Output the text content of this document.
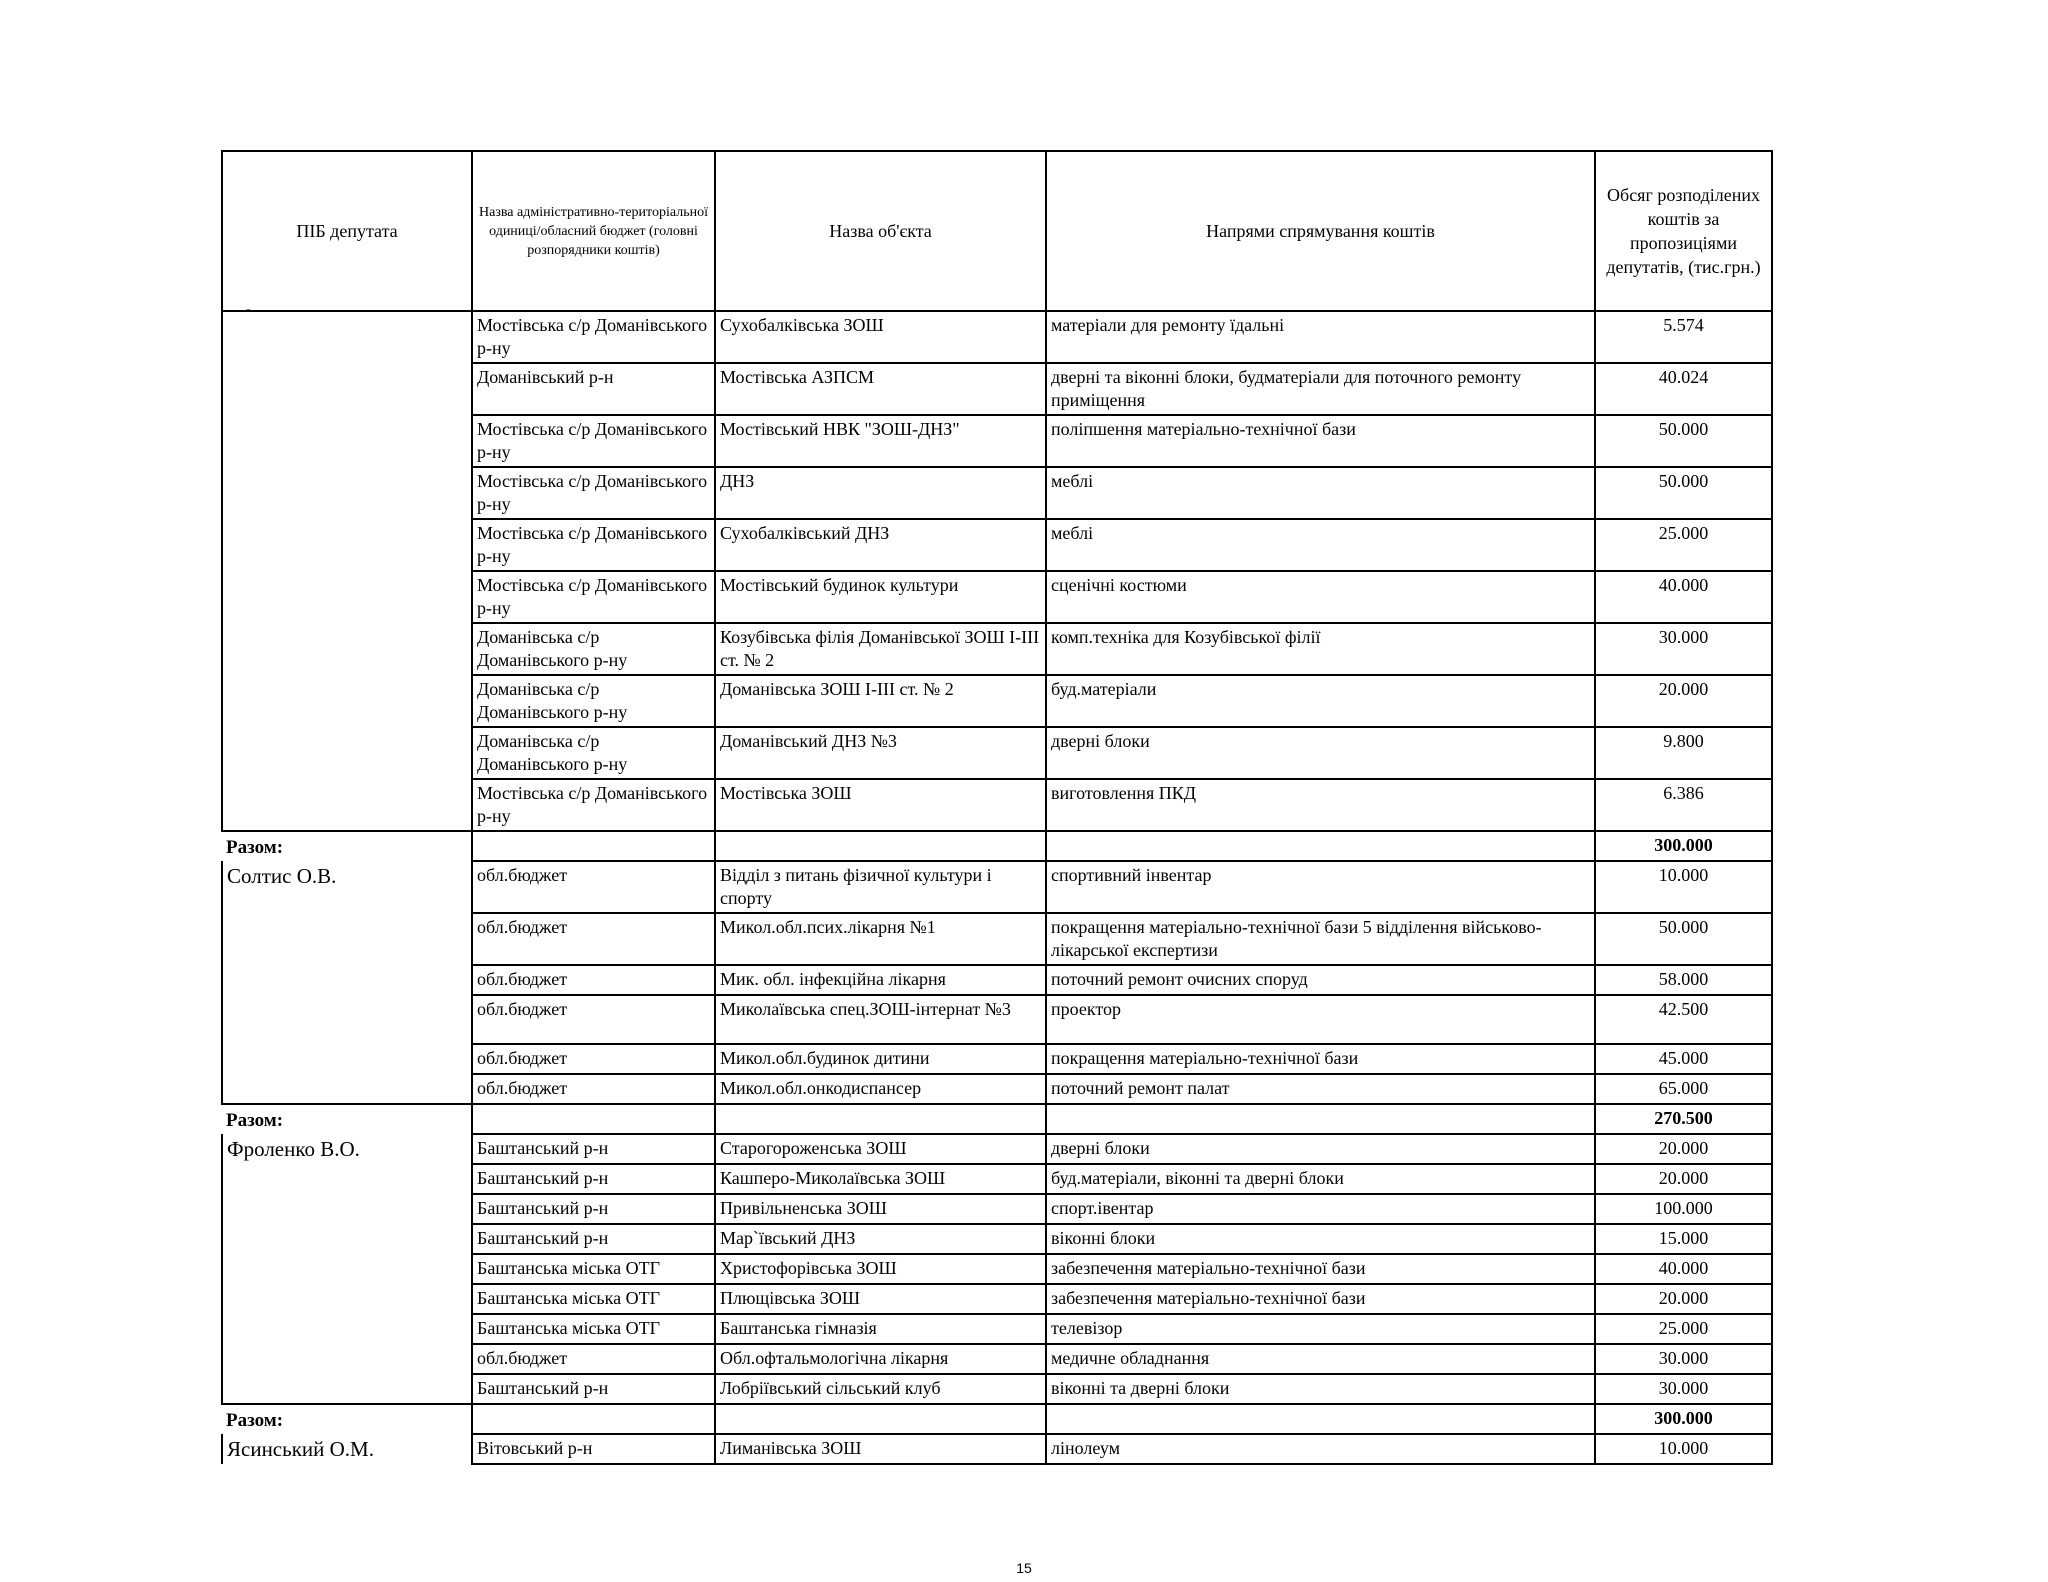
-
ПІБ депутата	Назва адміністративно-територіальної одиниці/обласний бюджет (головні розпорядники коштів)	Назва об'єкта	Напрями спрямування коштів	Обсяг розподілених коштів за пропозиціями депутатів, (тис.грн.)
	Мостівська с/р Доманівського р-ну	Сухобалківська ЗОШ	матеріали для ремонту їдальні	5.574
	Доманівський р-н	Мостівська АЗПСМ	дверні та віконні блоки, будматеріали для поточного ремонту приміщення	40.024
	Мостівська с/р Доманівського р-ну	Мостівський НВК "ЗОШ-ДНЗ"	поліпшення матеріально-технічної бази	50.000
	Мостівська с/р Доманівського р-ну	ДНЗ	меблі	50.000
	Мостівська с/р Доманівського р-ну	Сухобалківський ДНЗ	меблі	25.000
	Мостівська с/р Доманівського р-ну	Мостівський будинок культури	сценічні костюми	40.000
	Доманівська с/р Доманівського р-ну	Козубівська філія Доманівської ЗОШ І-ІІІ ст. № 2	комп.техніка для Козубівської філії	30.000
	Доманівська с/р Доманівського р-ну	Доманівська ЗОШ І-ІІІ ст. № 2	буд.матеріали	20.000
	Доманівська с/р Доманівського р-ну	Доманівський ДНЗ №3	дверні блоки	9.800
	Мостівська с/р Доманівського р-ну	Мостівська ЗОШ	виготовлення ПКД	6.386
Разом:				300.000
Солтис О.В.	обл.бюджет	Відділ з питань фізичної культури і спорту	спортивний інвентар	10.000
	обл.бюджет	Микол.обл.псих.лікарня №1	покращення матеріально-технічної бази 5 відділення військово-лікарської експертизи	50.000
	обл.бюджет	Мик. обл. інфекційна лікарня	поточний ремонт очисних споруд	58.000
	обл.бюджет	Миколаївська спец.ЗОШ-інтернат №3	проектор	42.500
	обл.бюджет	Микол.обл.будинок дитини	покращення матеріально-технічної бази	45.000
	обл.бюджет	Микол.обл.онкодиспансер	поточний ремонт палат	65.000
Разом:				270.500
Фроленко В.О.	Баштанський р-н	Старогороженська ЗОШ	дверні блоки	20.000
	Баштанський р-н	Кашперо-Миколаївська ЗОШ	буд.матеріали, віконні та дверні блоки	20.000
	Баштанський р-н	Привільненська ЗОШ	спорт.івентар	100.000
	Баштанський р-н	Мар`ївський ДНЗ	віконні блоки	15.000
	Баштанська міська ОТГ	Христофорівська ЗОШ	забезпечення матеріально-технічної бази	40.000
	Баштанська міська ОТГ	Плющівська ЗОШ	забезпечення матеріально-технічної бази	20.000
	Баштанська міська ОТГ	Баштанська гімназія	телевізор	25.000
	обл.бюджет	Обл.офтальмологічна лікарня	медичне обладнання	30.000
	Баштанський р-н	Лобріївський сільський клуб	віконні та дверні блоки	30.000
Разом:				300.000
Ясинський О.М.	Вітовський р-н	Лиманівська ЗОШ	лінолеум	10.000
15
